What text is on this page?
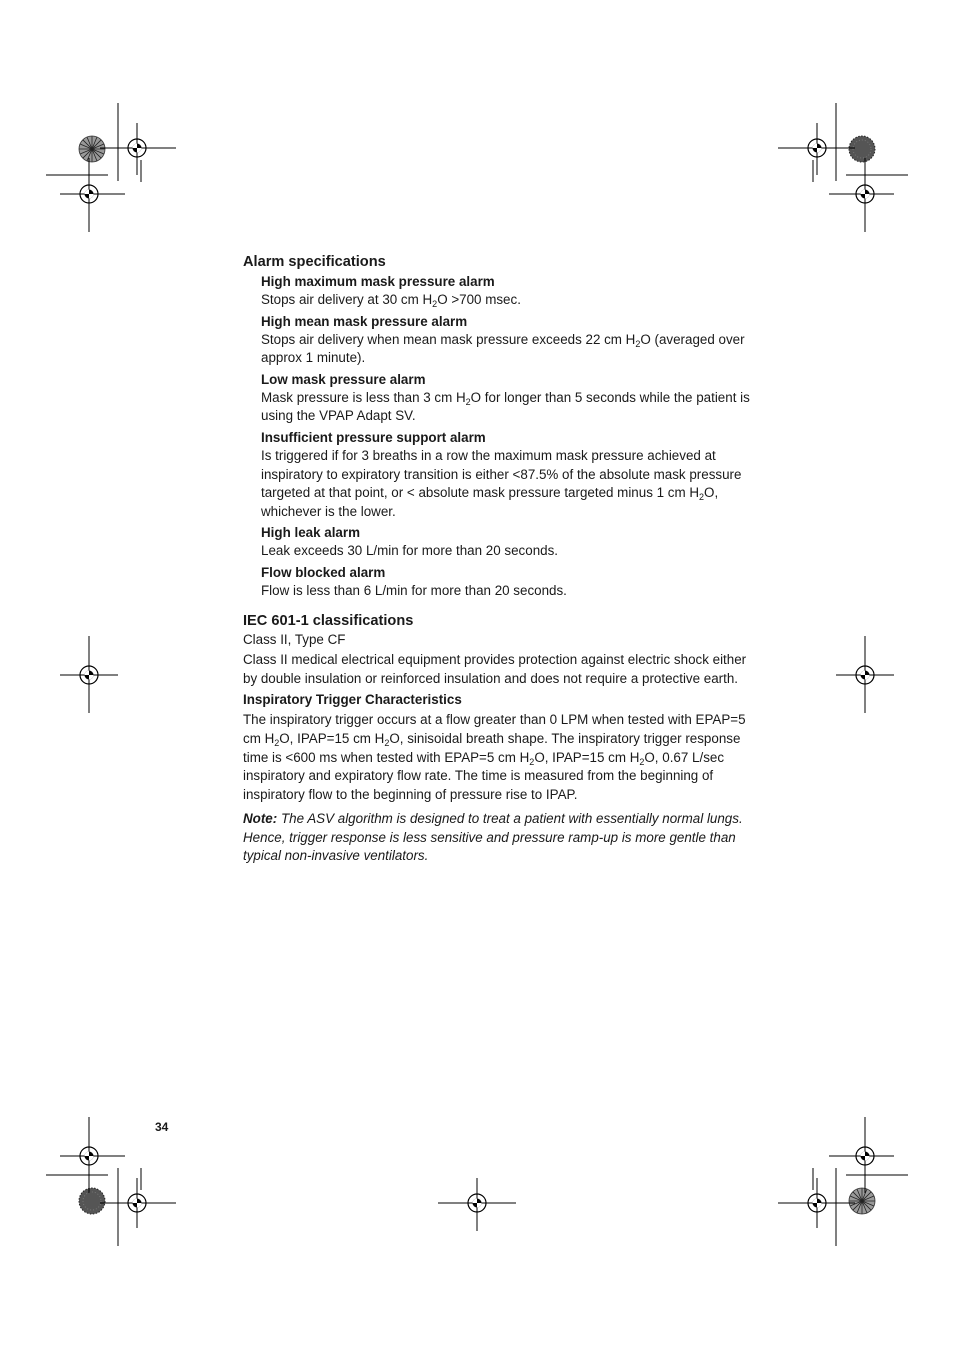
Alarm specifications
High maximum mask pressure alarm

Stops air delivery at 30 cm $H_2O >700$ msec.

High mean mask pressure alarm

Stops air delivery when mean mask pressure exceeds 22 cm $H_2O$ (averaged over approx 1 minute).

Low mask pressure alarm

Mask pressure is less than 3 cm $H_2O$ for longer than 5 seconds while the patient is using the VPAP Adapt SV.

Insufficient pressure support alarm

Is triggered if for 3 breaths in a row the maximum mask pressure achieved at inspiratory to expiratory transition is either <87.5% of the absolute mask pressure targeted at that point, or < absolute mask pressure targeted minus 1 cm $H_2O$, whichever is the lower.

High leak alarm

Leak exceeds 30 L/min for more than 20 seconds.

Flow blocked alarm

Flow is less than 6 L/min for more than 20 seconds.

IEC 601-1 classifications

Class II, Type CF

Class II medical electrical equipment provides protection against electric shock either by double insulation or reinforced insulation and does not require a protective earth.

Inspiratory Trigger Characteristics

The inspiratory trigger occurs at a flow greater than 0 LPM when tested with EPAP=5 cm $H_2O$, IPAP=15 cm $H_2O$, sinisoidal breath shape. The inspiratory trigger response time is <600 ms when tested with EPAP=5 cm $H_2O$, IPAP=15 cm $H_2O$, 0.67 L/sec inspiratory and expiratory flow rate. The time is measured from the beginning of inspiratory flow to the beginning of pressure rise to IPAP.

Note: The ASV algorithm is designed to treat a patient with essentially normal lungs. Hence, trigger response is less sensitive and pressure ramp-up is more gentle than typical non-invasive ventilators.

34
